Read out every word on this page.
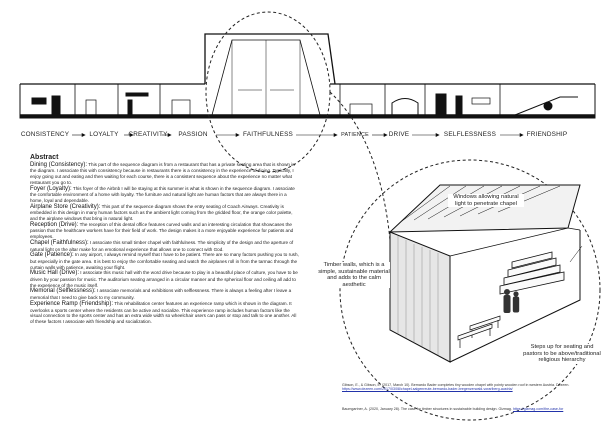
CONSISTENCY	LOYALTY CREATIVITY PASSION	FAITHFULNESS	PATIENCE	DRIVE	SELFLESSNESS	FRIENDSHIP
Abstract

Dining (Consistency): This part of the sequence diagram is from a restaurant that has a private seating area that is shown in the diagram. I associate this with consistency because in restaurants there is a consistency in the experience of dining. Typically, I enjoy going out and eating and then waiting for each course, there is a consistent sequence about the experience no matter what restaurant you go to.

Foyer (Loyalty): This foyer of the Airbnb I will be staying at this summer is what is shown in the sequence diagram. I associate the comfortable environment of a home with loyalty. The furniture and natural light are human factors that are always there in a home, loyal and dependable.

Airplane Store (Creativity): This part of the sequence diagram shows the entry seating of Coach Airways. Creativity is embedded in this design in many human factors such as the ambient light coming from the gridded floor, the orange color palette, and the airplane windows that bring in natural light.

Reception (Drive): The reception of this dental office features curved walls and an interesting circulation that showcases the passion that the healthcare workers have for their field of work. The design makes it a more enjoyable experience for patients and employees.

Chapel (Faithfulness): I associate this small timber chapel with faithfulness. The simplicity of the design and the aperture of natural light on the altar make for an emotional experience that allows one to connect with God.

Gate (Patience): In any airport, I always remind myself that I have to be patient. There are so many factors pushing you to rush, but especially in the gate area. It is best to enjoy the comfortable seating and watch the airplanes roll in from the tarmac through the curtain walls with patience, awaiting your flight.

Music Hall (Drive): I associate this music hall with the word drive because to play in a beautiful place of culture, you have to be driven by your passion for music. The auditorium seating arranged in a circular manner and the spherical floor and ceiling all add to the experience of the music itself.

Memorial (Selflessness): I associate memorials and exhibitions with selflessness. There is always a feeling after I leave a memorial that I need to give back to my community.

Experience Ramp (Friendship): This rehabilitation center features an experience ramp which is shown in the diagram. It overlooks a sports center where the residents can be active and socialize. This experience ramp includes human factors like the visual connection to the sports center and has an extra wide width so wheelchair users can pass or stop and talk to one another. All of these factors I associate with friendship and socialization.

Windows allowing natural light to penetrate chapel
Timber walls, which is a simple, sustainable material and adds to the calm aesthetic
Steps up for seating and pastors to be above/traditional religious hierarchy
Gibson, E., & Gibson, E. (2017, March 10). Bernardo Bader completes tiny wooden chapel with pointy wooden roof in western Austria. Dezeen. https://www.dezeen.com/2017/03/08/chapel-salgenreute-bernardo-bader-bregenzerwald-vorarlberg-austria/
Baumgartner, A. (2020, January 28). The case for timber structures in sustainable building design. Gizmag. https://gizmag.com/the-case-for
